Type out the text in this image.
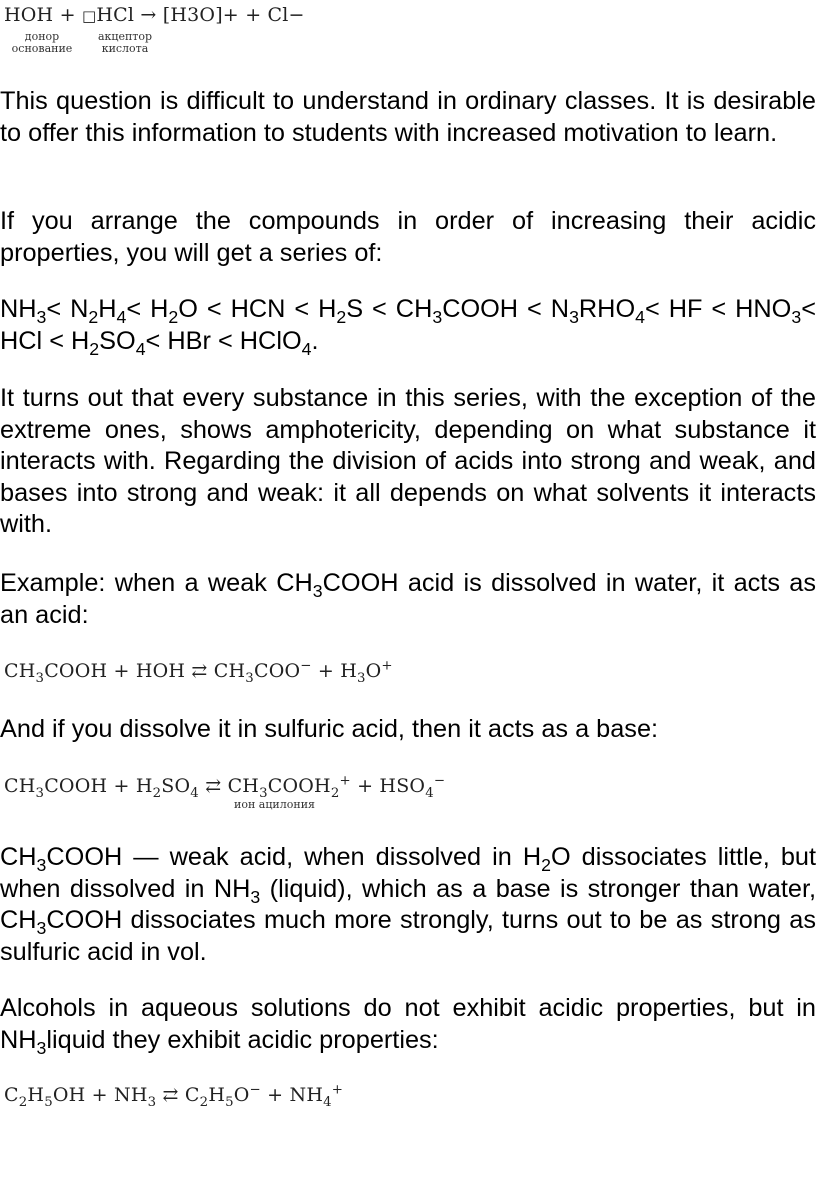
HOH + □HCl → [H3O]+ + Cl−
донор
основание
акцептор
кислота

This question is difficult to understand in ordinary classes. It is desirable to offer this information to students with increased motivation to learn.

If you arrange the compounds in order of increasing their acidic properties, you will get a series of:

$NH_3< N_2H_4< H_2O$ < HCN < $H_2S$ < $CH_3COOH < N_3RHO_4<$ HF < $HNO_3<$ HCl < $H_2SO_4<$ HBr < HClO$_4$.

It turns out that every substance in this series, with the exception of the extreme ones, shows amphotericity, depending on what substance it interacts with. Regarding the division of acids into strong and weak, and bases into strong and weak: it all depends on what solvents it interacts with.

Example: when a weak $CH_3COOH$ acid is dissolved in water, it acts as an acid:

$CH_3COOH$ + HOH ⇄ $CH_3COO^- + H_3O^+$

And if you dissolve it in sulfuric acid, then it acts as a base:

$CH_3COOH + H_2SO_4$ ⇄ $CH_3COOH_2^+ + HSO_4^-$
ион ацилония

$CH_3COOH$ — weak acid, when dissolved in $H_2O$ dissociates little, but when dissolved in $NH_3$ (liquid), which as a base is stronger than water, $CH_3COOH$ dissociates much more strongly, turns out to be as strong as sulfuric acid in vol.

Alcohols in aqueous solutions do not exhibit acidic properties, but in $NH_3liquid$ they exhibit acidic properties:

$C_2H_5OH + NH_3$ ⇄ $C_2H_5O^- + NH_4^+$
